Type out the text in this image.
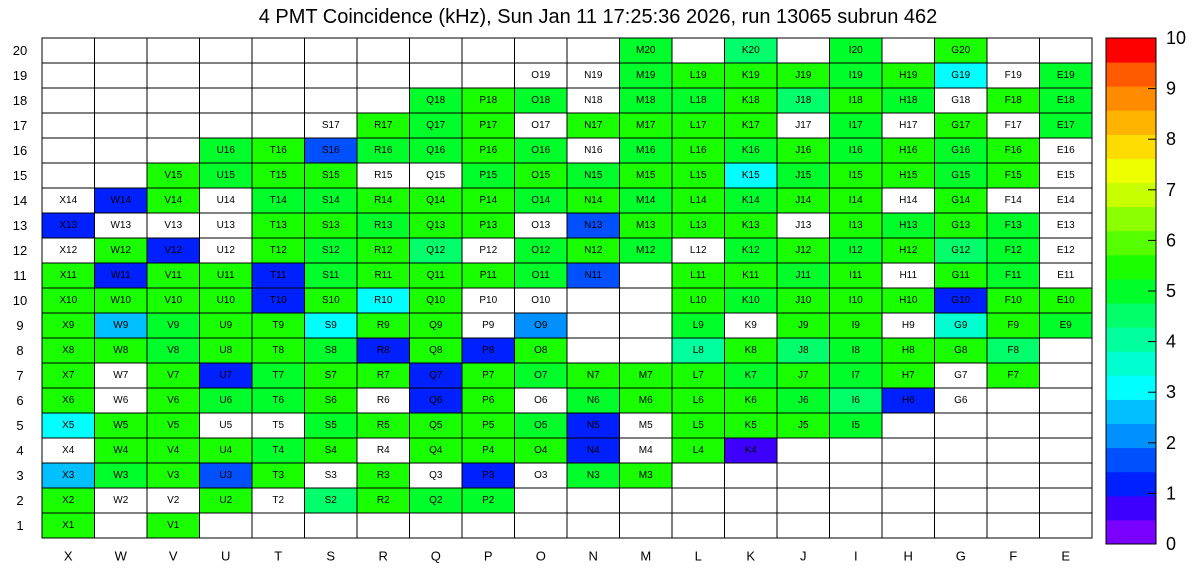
4 PMT Coincidence (kHz), Sun Jan 11 17:25:36 2026, run 13065 subrun 462
X1	V1
X2	W2	V2	U2	T2	S2	R2	Q2	P2
X3	W3	V3	U3	T3	S3	R3	Q3	P3	O3	N3	M3
X4	W4	V4	U4	T4	S4	R4	Q4	P4	O4	N4	M4	L4	K4
X5	W5	V5	U5	T5	S5	R5	Q5	P5	O5	N5	M5	L5	K5	J5	I5
X6	W6	V6	U6	T6	S6	R6	Q6	P6	O6	N6	M6	L6	K6	J6	I6	H6	G6
X7	W7	V7	U7	T7	S7	R7	Q7	P7	O7	N7	M7	L7	K7	J7	I7	H7	G7	F7
X8	W8	V8	U8	T8	S8	R8	Q8	P8	O8	L8	K8	J8	I8	H8	G8	F8
X9	W9	V9	U9	T9	S9	R9	Q9	P9	O9	L9	K9	J9	I9	H9	G9	F9	E9
X10	W10	V10	U10	T10	S10	R10	Q10	P10	O10	L10	K10	J10	I10	H10	G10	F10	E10
X11	W11	V11	U11	T11	S11	R11	Q11	P11	O11	N11	L11	K11	J11	I11	H11	G11	F11	E11
X12	W12	V12	U12	T12	S12	R12	Q12	P12	O12	N12	M12	L12	K12	J12	I12	H12	G12	F12	E12
X13	W13	V13	U13	T13	S13	R13	Q13	P13	O13	N13	M13	L13	K13	J13	I13	H13	G13	F13	E13
X14	W14	V14	U14	T14	S14	R14	Q14	P14	O14	N14	M14	L14	K14	J14	I14	H14	G14	F14	E14
V15	U15	T15	S15	R15	Q15	P15	O15	N15	M15	L15	K15	J15	I15	H15	G15	F15	E15
U16	T16	S16	R16	Q16	P16	O16	N16	M16	L16	K16	J16	I16	H16	G16	F16	E16
S17	R17	Q17	P17	O17	N17	M17	L17	K17	J17	I17	H17	G17	F17	E17
Q18	P18	O18	N18	M18	L18	K18	J18	I18	H18	G18	F18	E18
O19	N19	M19	L19	K19	J19	I19	H19	G19	F19	E19
M20	K20	I20	G20
X	W	V	U	T	S	R	Q	P	O	N	M	L	K	J	I	H	G	F	E
1
2
3
4
5
6
7
8
9
10
11
12
13
14
15
16
17
18
19
20
0
1
2
3
4
5
6
7
8
9
10
